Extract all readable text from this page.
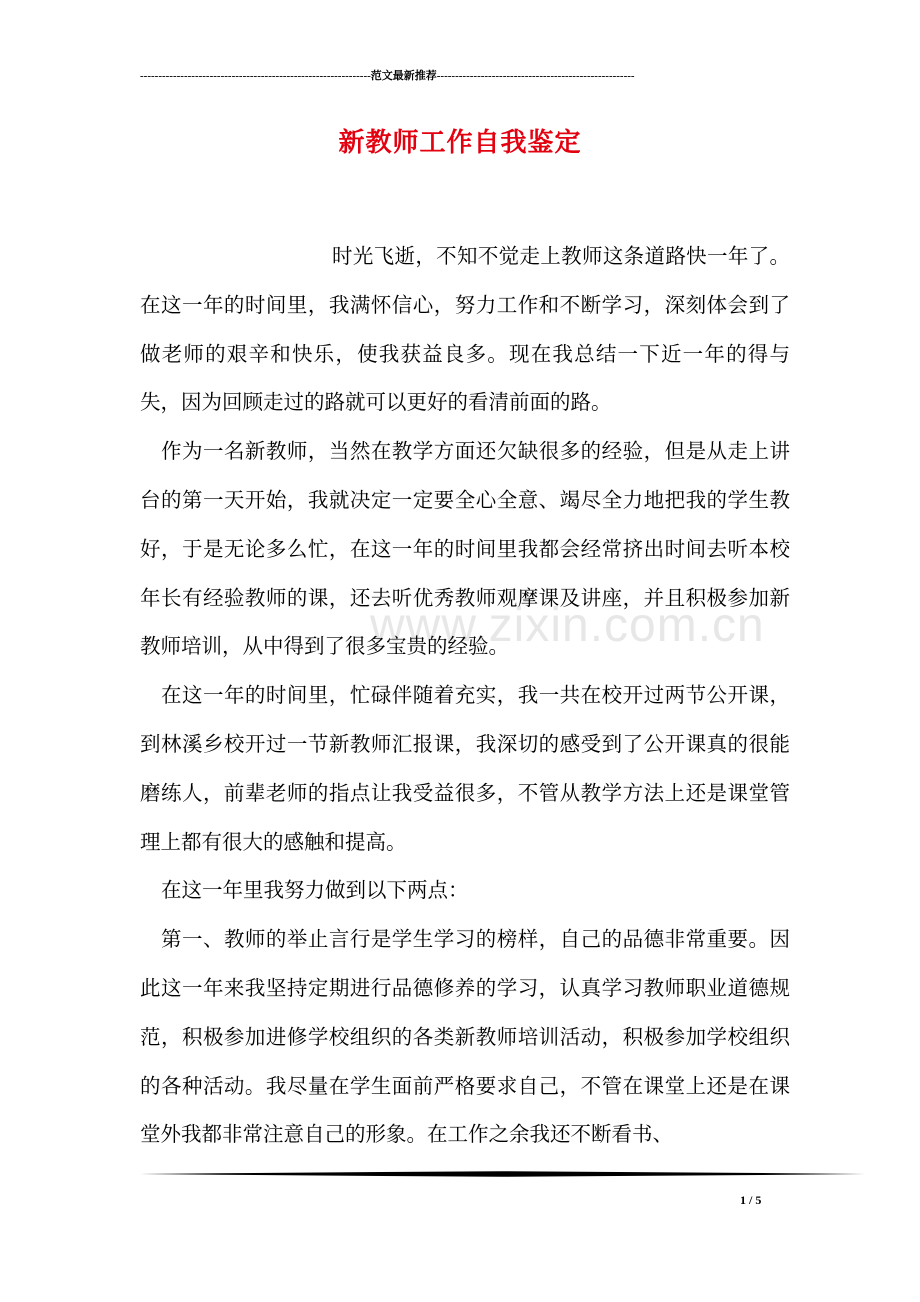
---------------------------------------------------------------范文最新推荐------------------------------------------------------
新教师工作自我鉴定
www.zixin.com.cn

时光飞逝，不知不觉走上教师这条道路快一年了。在这一年的时间里，我满怀信心，努力工作和不断学习，深刻体会到了做老师的艰辛和快乐，使我获益良多。现在我总结一下近一年的得与失，因为回顾走过的路就可以更好的看清前面的路。

作为一名新教师，当然在教学方面还欠缺很多的经验，但是从走上讲台的第一天开始，我就决定一定要全心全意、竭尽全力地把我的学生教好，于是无论多么忙，在这一年的时间里我都会经常挤出时间去听本校年长有经验教师的课，还去听优秀教师观摩课及讲座，并且积极参加新教师培训，从中得到了很多宝贵的经验。

在这一年的时间里，忙碌伴随着充实，我一共在校开过两节公开课，到林溪乡校开过一节新教师汇报课，我深切的感受到了公开课真的很能磨练人，前辈老师的指点让我受益很多，不管从教学方法上还是课堂管理上都有很大的感触和提高。

在这一年里我努力做到以下两点：

第一、教师的举止言行是学生学习的榜样，自己的品德非常重要。因此这一年来我坚持定期进行品德修养的学习，认真学习教师职业道德规范，积极参加进修学校组织的各类新教师培训活动，积极参加学校组织的各种活动。我尽量在学生面前严格要求自己，不管在课堂上还是在课堂外我都非常注意自己的形象。在工作之余我还不断看书、

1 / 5
